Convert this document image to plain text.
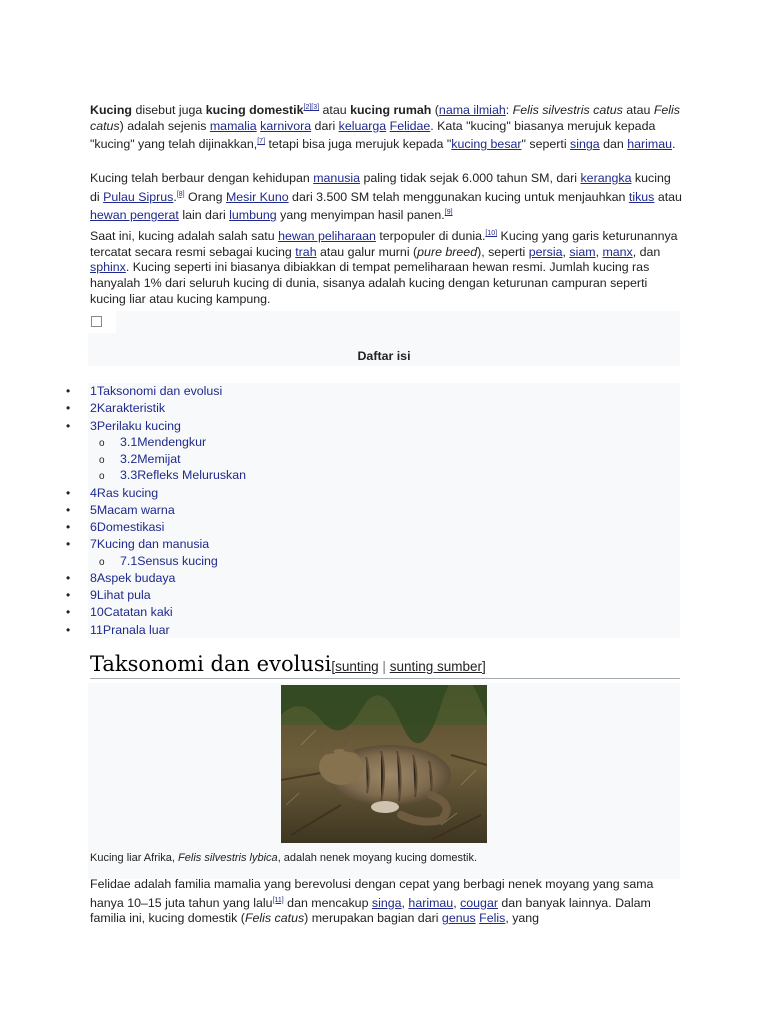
Kucing disebut juga kucing domestik[2][3] atau kucing rumah (nama ilmiah: Felis silvestris catus atau Felis catus) adalah sejenis mamalia karnivora dari keluarga Felidae. Kata "kucing" biasanya merujuk kepada "kucing" yang telah dijinakkan,[7] tetapi bisa juga merujuk kepada "kucing besar" seperti singa dan harimau.

Kucing telah berbaur dengan kehidupan manusia paling tidak sejak 6.000 tahun SM, dari kerangka kucing di Pulau Siprus.[8] Orang Mesir Kuno dari 3.500 SM telah menggunakan kucing untuk menjauhkan tikus atau hewan pengerat lain dari lumbung yang menyimpan hasil panen.[9]

Saat ini, kucing adalah salah satu hewan peliharaan terpopuler di dunia.[10] Kucing yang garis keturunannya tercatat secara resmi sebagai kucing trah atau galur murni (pure breed), seperti persia, siam, manx, dan sphinx. Kucing seperti ini biasanya dibiakkan di tempat pemeliharaan hewan resmi. Jumlah kucing ras hanyalah 1% dari seluruh kucing di dunia, sisanya adalah kucing dengan keturunan campuran seperti kucing liar atau kucing kampung.

Daftar isi
• 1Taksonomi dan evolusi
• 2Karakteristik
• 3Perilaku kucing
o 3.1Mendengkur
o 3.2Memijat
o 3.3Refleks Meluruskan
• 4Ras kucing
• 5Macam warna
• 6Domestikasi
• 7Kucing dan manusia
o 7.1Sensus kucing
• 8Aspek budaya
• 9Lihat pula
• 10Catatan kaki
• 11Pranala luar
Taksonomi dan evolusi[sunting | sunting sumber]
Kucing liar Afrika, Felis silvestris lybica, adalah nenek moyang kucing domestik.

Felidae adalah familia mamalia yang berevolusi dengan cepat yang berbagi nenek moyang yang sama hanya 10–15 juta tahun yang lalu[11] dan mencakup singa, harimau, cougar dan banyak lainnya. Dalam familia ini, kucing domestik (Felis catus) merupakan bagian dari genus Felis, yang
